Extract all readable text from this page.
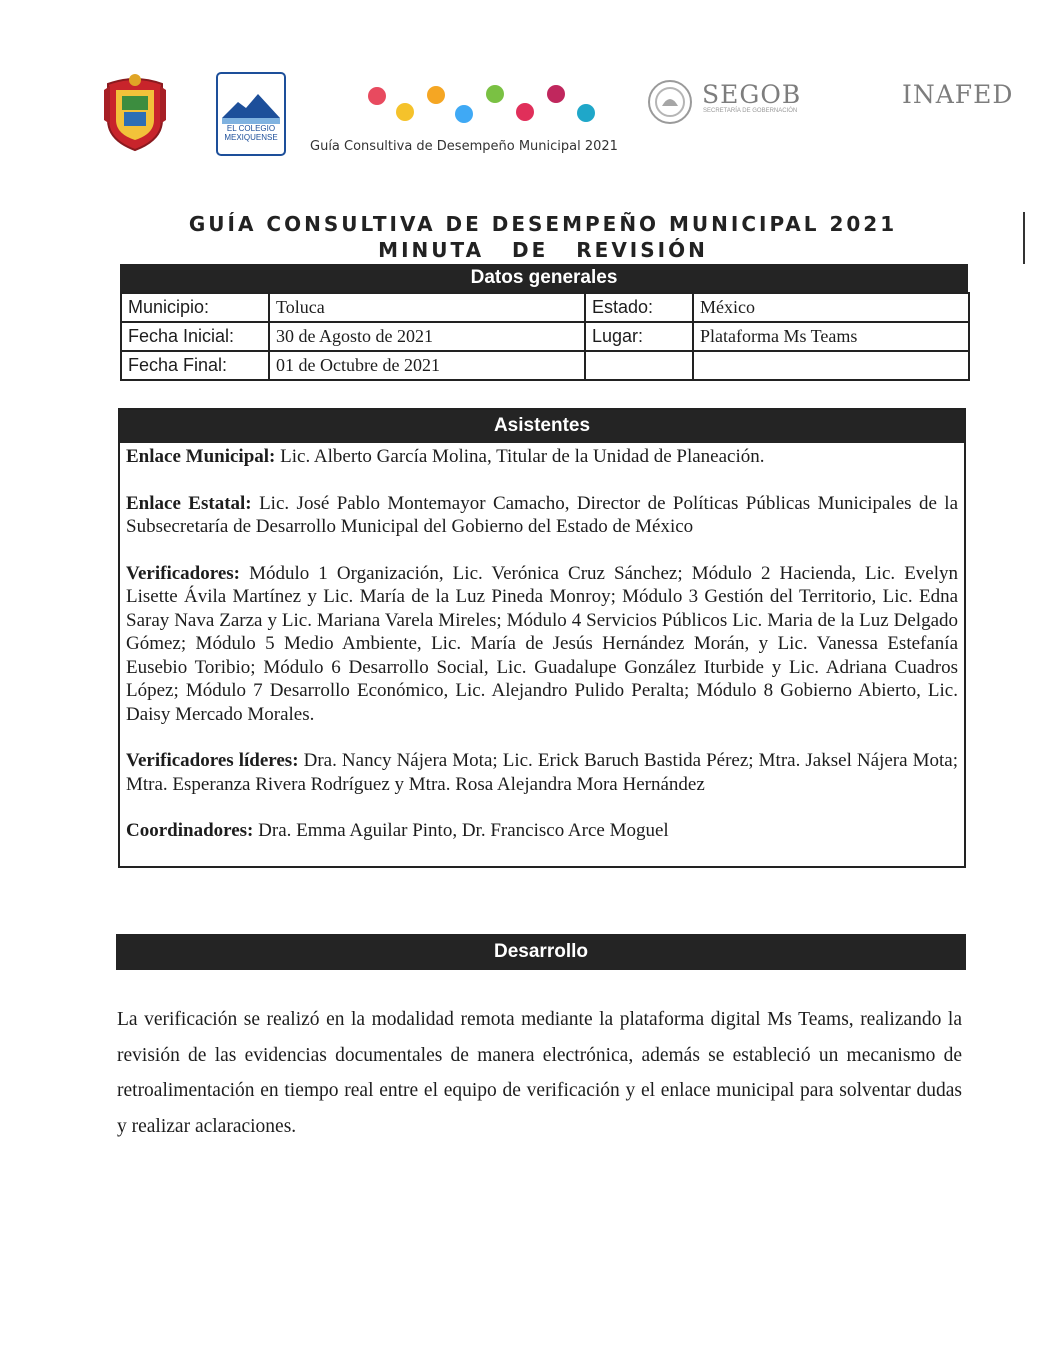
EL COLEGIO MEXIQUENSE
Guía Consultiva de Desempeño Municipal 2021
SEGOB
SECRETARÍA DE GOBERNACIÓN
INAFED
GUÍA CONSULTIVA DE DESEMPEÑO MUNICIPAL 2021
MINUTA DE REVISIÓN
Datos generales
Municipio:	Toluca	Estado:	México
Fecha Inicial:	30 de Agosto de 2021	Lugar:	Plataforma Ms Teams
Fecha Final:	01 de Octubre de 2021		
Asistentes

Enlace Municipal: Lic. Alberto García Molina, Titular de la Unidad de Planeación.

Enlace Estatal: Lic. José Pablo Montemayor Camacho, Director de Políticas Públicas Municipales de la Subsecretaría de Desarrollo Municipal del Gobierno del Estado de México

Verificadores: Módulo 1 Organización, Lic. Verónica Cruz Sánchez; Módulo 2 Hacienda, Lic. Evelyn Lisette Ávila Martínez y Lic. María de la Luz Pineda Monroy; Módulo 3 Gestión del Territorio, Lic. Edna Saray Nava Zarza y Lic. Mariana Varela Mireles; Módulo 4 Servicios Públicos Lic. Maria de la Luz Delgado Gómez; Módulo 5 Medio Ambiente, Lic. María de Jesús Hernández Morán, y Lic. Vanessa Estefanía Eusebio Toribio; Módulo 6 Desarrollo Social, Lic. Guadalupe González Iturbide y Lic. Adriana Cuadros López; Módulo 7 Desarrollo Económico, Lic. Alejandro Pulido Peralta; Módulo 8 Gobierno Abierto, Lic. Daisy Mercado Morales.

Verificadores líderes: Dra. Nancy Nájera Mota; Lic. Erick Baruch Bastida Pérez; Mtra. Jaksel Nájera Mota; Mtra. Esperanza Rivera Rodríguez y Mtra. Rosa Alejandra Mora Hernández

Coordinadores: Dra. Emma Aguilar Pinto, Dr. Francisco Arce Moguel

Desarrollo

La verificación se realizó en la modalidad remota mediante la plataforma digital Ms Teams, realizando la revisión de las evidencias documentales de manera electrónica, además se estableció un mecanismo de retroalimentación en tiempo real entre el equipo de verificación y el enlace municipal para solventar dudas y realizar aclaraciones.
